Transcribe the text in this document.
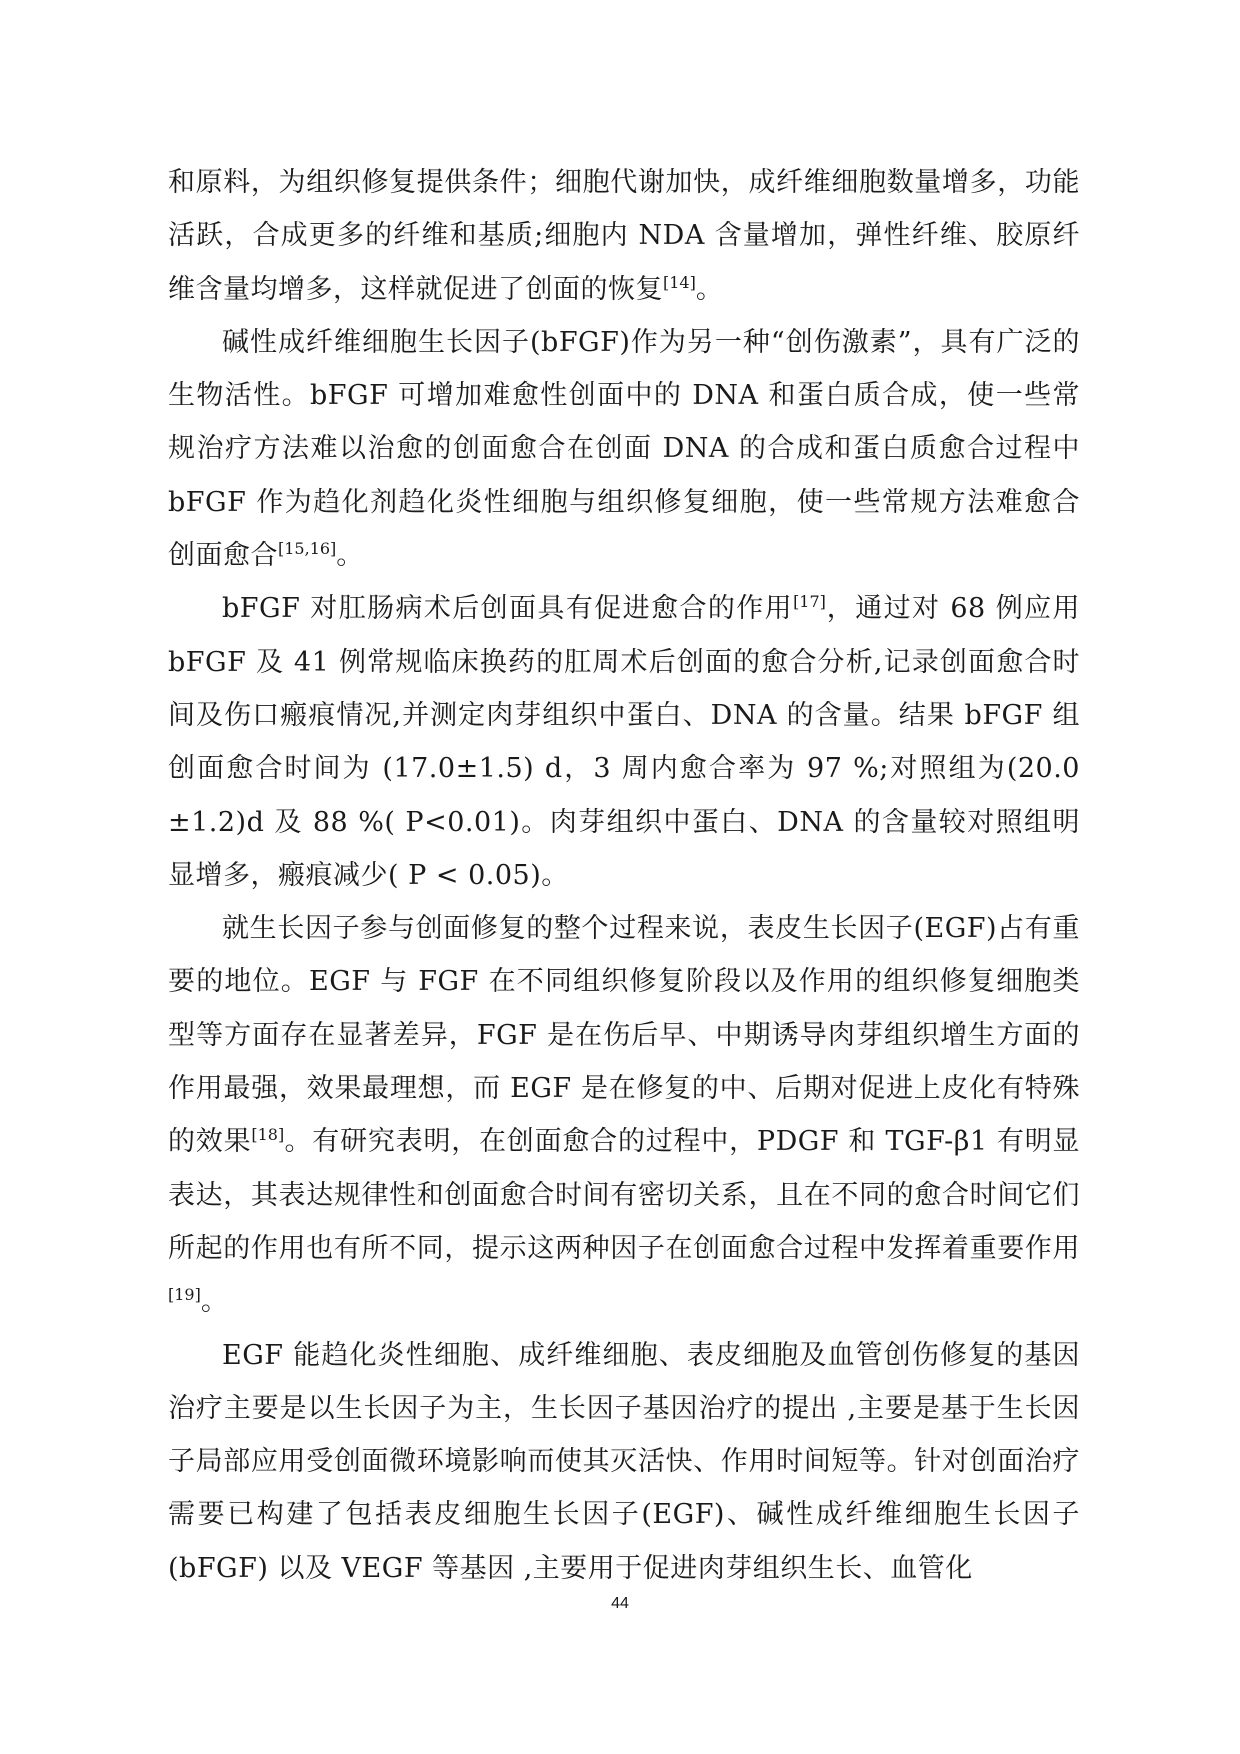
和原料，为组织修复提供条件；细胞代谢加快，成纤维细胞数量增多，功能活跃，合成更多的纤维和基质;细胞内 NDA 含量增加，弹性纤维、胶原纤维含量均增多，这样就促进了创面的恢复[14]。

碱性成纤维细胞生长因子(bFGF)作为另一种“创伤激素”，具有广泛的生物活性。bFGF 可增加难愈性创面中的 DNA 和蛋白质合成，使一些常规治疗方法难以治愈的创面愈合在创面 DNA 的合成和蛋白质愈合过程中 bFGF 作为趋化剂趋化炎性细胞与组织修复细胞，使一些常规方法难愈合创面愈合[15,16]。

bFGF 对肛肠病术后创面具有促进愈合的作用[17]，通过对 68 例应用 bFGF 及 41 例常规临床换药的肛周术后创面的愈合分析,记录创面愈合时间及伤口瘢痕情况,并测定肉芽组织中蛋白、DNA 的含量。结果 bFGF 组创面愈合时间为 (17.0±1.5) d，3 周内愈合率为 97 %;对照组为(20.0 ±1.2)d 及 88 %( P<0.01)。肉芽组织中蛋白、DNA 的含量较对照组明显增多，瘢痕减少( P < 0.05)。

就生长因子参与创面修复的整个过程来说，表皮生长因子(EGF)占有重要的地位。EGF 与 FGF 在不同组织修复阶段以及作用的组织修复细胞类型等方面存在显著差异，FGF 是在伤后早、中期诱导肉芽组织增生方面的作用最强，效果最理想，而 EGF 是在修复的中、后期对促进上皮化有特殊的效果[18]。有研究表明，在创面愈合的过程中，PDGF 和 TGF-β1 有明显表达，其表达规律性和创面愈合时间有密切关系，且在不同的愈合时间它们所起的作用也有所不同，提示这两种因子在创面愈合过程中发挥着重要作用[19]。

EGF 能趋化炎性细胞、成纤维细胞、表皮细胞及血管创伤修复的基因治疗主要是以生长因子为主，生长因子基因治疗的提出 ,主要是基于生长因子局部应用受创面微环境影响而使其灭活快、作用时间短等。针对创面治疗需要已构建了包括表皮细胞生长因子(EGF)、碱性成纤维细胞生长因子(bFGF) 以及 VEGF 等基因 ,主要用于促进肉芽组织生长、血管化

44
